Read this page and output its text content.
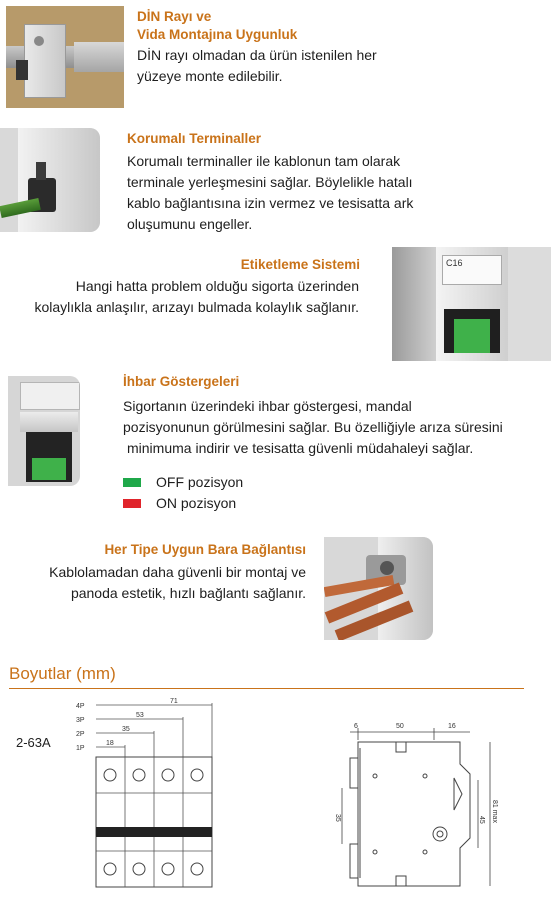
DİN Rayı ve
Vida Montajına Uygunluk
DİN rayı olmadan da ürün istenilen her
yüzeye monte edilebilir.
Korumalı Terminaller
Korumalı terminaller ile kablonun tam olarak
terminale yerleşmesini sağlar. Böylelikle hatalı
kablo bağlantısına izin vermez ve tesisatta ark
oluşumunu engeller.
Etiketleme Sistemi
Hangi hatta problem olduğu sigorta üzerinden
kolaylıkla anlaşılır, arızayı bulmada kolaylık sağlanır.
C16
İhbar Göstergeleri
Sigortanın üzerindeki ihbar göstergesi, mandal
pozisyonunun görülmesini sağlar. Bu özelliğiyle arıza süresini
minimuma indirir ve tesisatta güvenli müdahaleyi sağlar.
OFF pozisyon
ON pozisyon
Her Tipe Uygun Bara Bağlantısı
Kablolamadan daha güvenli bir montaj ve
panoda estetik, hızlı bağlantı sağlanır.
Boyutlar (mm)
2-63A
4P
3P
2P
1P
71
53
35
18
6	50	16
35	45 81 max
